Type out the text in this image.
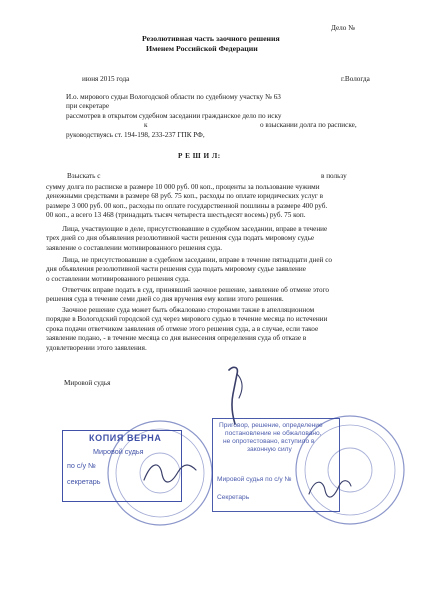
Дело №
Резолютивная часть заочного решения
Именем Российской Федерации
июня 2015 года	г.Вологда
И.о. мирового судьи Вологодской области по судебному участку № 63
при секретаре
рассмотрев в открытом судебном заседании гражданское дело по иску
к	о взыскании долга по расписке,
руководствуясь ст. 194-198, 233-237 ГПК РФ,
Р Е Ш И Л:
Взыскать с	в пользу
сумму долга по расписке в размере 10 000 руб. 00 коп., проценты за пользование чужими
денежными средствами в размере 68 руб. 75 коп., расходы по оплате юридических услуг в
размере 3 000 руб. 00 коп., расходы по оплате государственной пошлины в размере 400 руб.
00 коп., а всего 13 468 (тринадцать тысяч четыреста шестьдесят восемь) руб. 75 коп.
Лица, участвующие в деле, присутствовавшие в судебном заседании, вправе в течение
трех дней со дня объявления резолютивной части решения суда подать мировому судье
заявление о составлении мотивированного решения суда.
Лица, не присутствовавшие в судебном заседании, вправе в течение пятнадцати дней со
дня объявления резолютивной части решения суда подать мировому судье заявление
о составлении мотивированного решения суда.
Ответчик вправе подать в суд, принявший заочное решение, заявление об отмене этого
решения суда в течение семи дней со дня вручения ему копии этого решения.
Заочное решение суда может быть обжаловано сторонами также в апелляционном
порядке в Вологодский городской суд через мирового судью в течение месяца по истечении
срока подачи ответчиком заявления об отмене этого решения суда, а в случае, если такое
заявление подано, - в течение месяца со дня вынесения определения суда об отказе в
удовлетворении этого заявления.
Мировой судья
КОПИЯ ВЕРНА
Мировой судья
по с/у №
секретарь
Приговор, решение, определение
постановление не обжаловано,
не опротестовано, вступило в
законную силу
Мировой судья по с/у №
Секретарь
